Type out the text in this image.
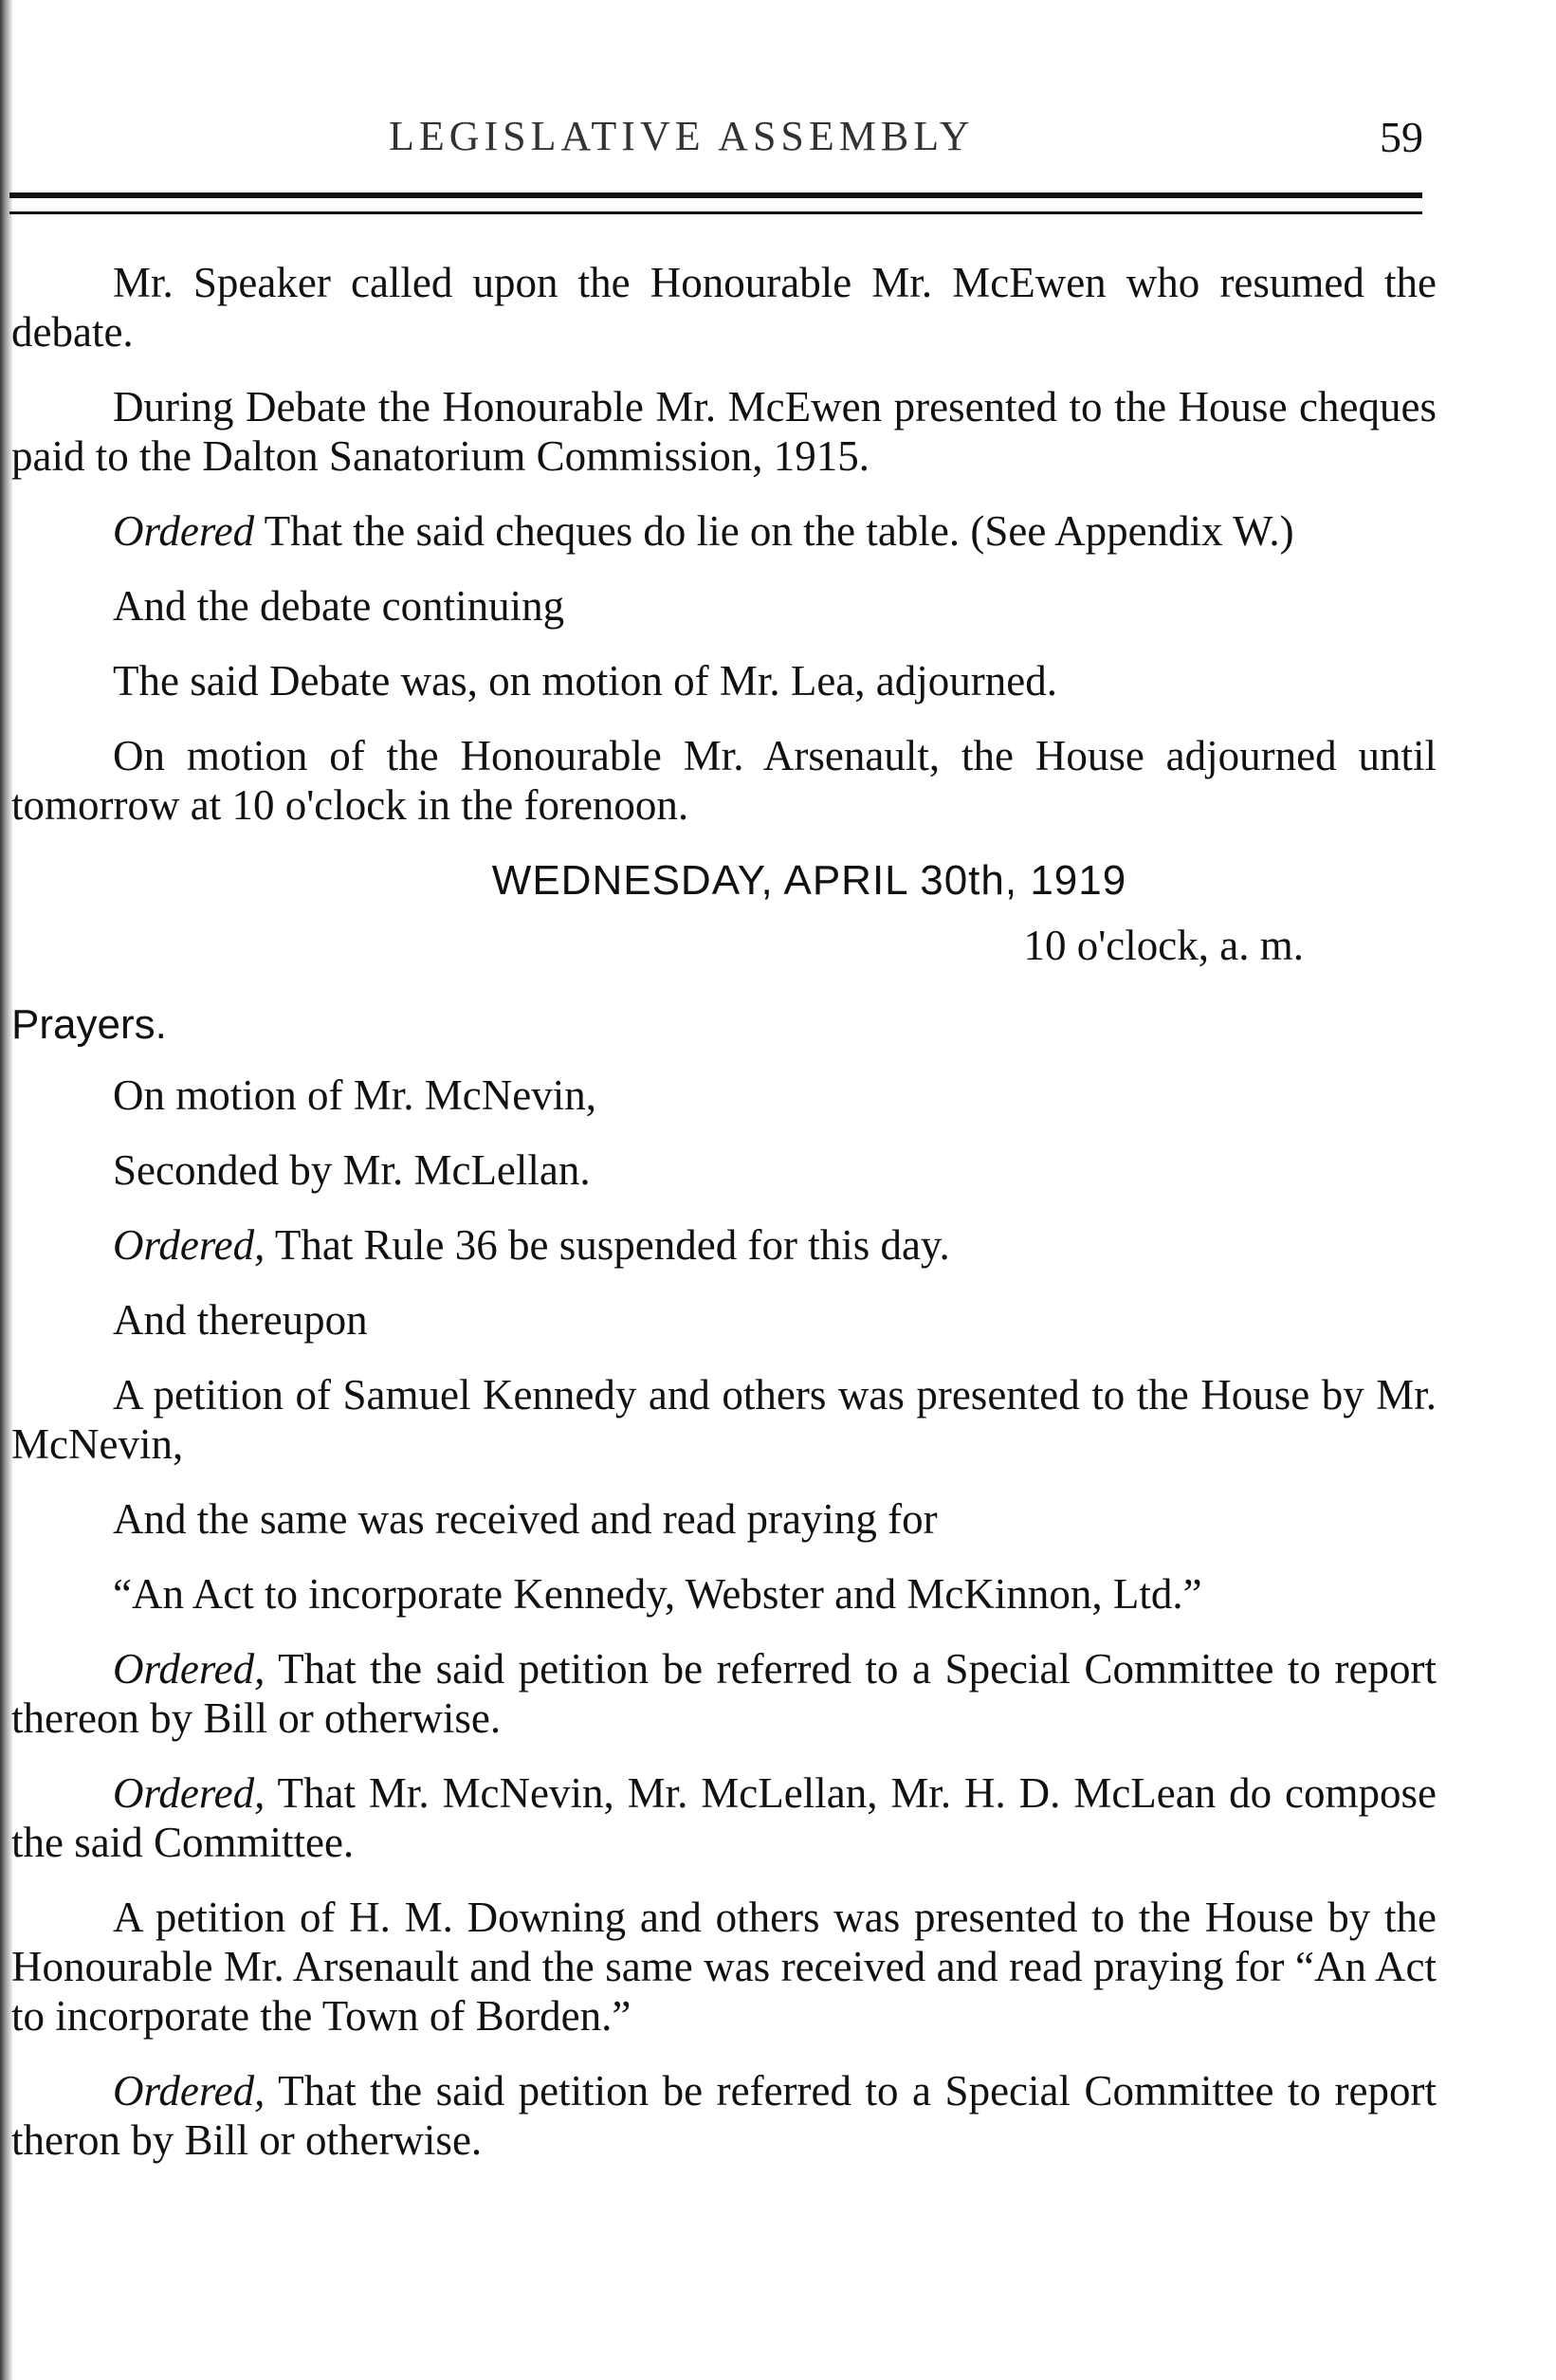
LEGISLATIVE ASSEMBLY	59

Mr. Speaker called upon the Honourable Mr. McEwen who resumed the debate.

During Debate the Honourable Mr. McEwen presented to the House cheques paid to the Dalton Sanatorium Commission, 1915.

Ordered That the said cheques do lie on the table. (See Appendix W.)

And the debate continuing

The said Debate was, on motion of Mr. Lea, adjourned.

On motion of the Honourable Mr. Arsenault, the House adjourned until tomorrow at 10 o'clock in the forenoon.

WEDNESDAY, APRIL 30th, 1919
10 o'clock, a. m.
Prayers.

On motion of Mr. McNevin,

Seconded by Mr. McLellan.

Ordered, That Rule 36 be suspended for this day.

And thereupon

A petition of Samuel Kennedy and others was presented to the House by Mr. McNevin,

And the same was received and read praying for

“An Act to incorporate Kennedy, Webster and McKinnon, Ltd.”

Ordered, That the said petition be referred to a Special Committee to report thereon by Bill or otherwise.

Ordered, That Mr. McNevin, Mr. McLellan, Mr. H. D. McLean do compose the said Committee.

A petition of H. M. Downing and others was presented to the House by the Honourable Mr. Arsenault and the same was received and read praying for “An Act to incorporate the Town of Borden.”

Ordered, That the said petition be referred to a Special Committee to report theron by Bill or otherwise.
